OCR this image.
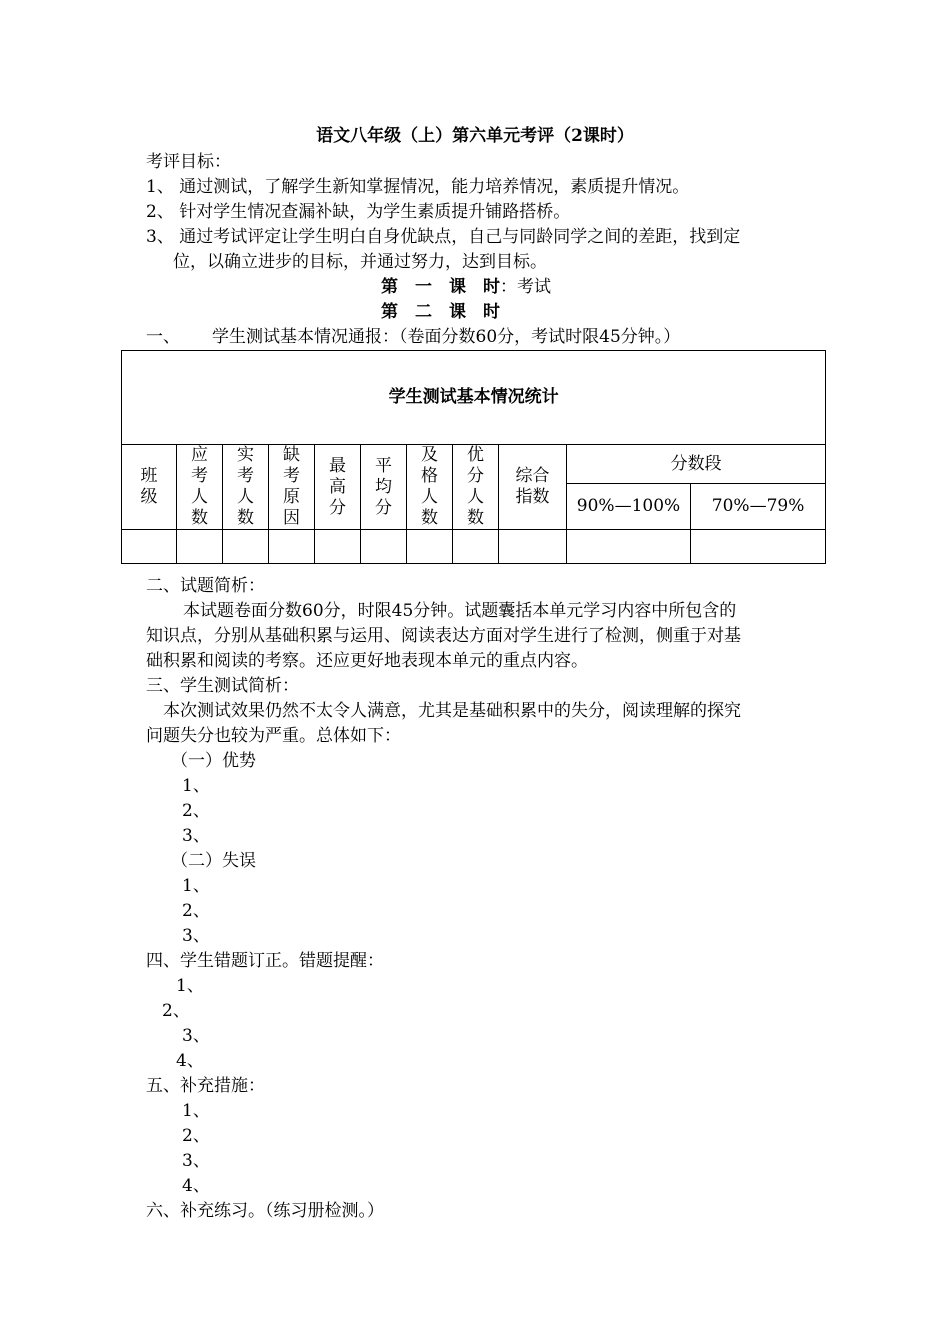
语文八年级（上）第六单元考评（2课时）
考评目标：
1、 通过测试，了解学生新知掌握情况，能力培养情况，素质提升情况。
2、 针对学生情况查漏补缺，为学生素质提升铺路搭桥。
3、 通过考试评定让学生明白自身优缺点，自己与同龄同学之间的差距，找到定
位，以确立进步的目标，并通过努力，达到目标。
第　一　课　时：考试
第　二　课　时
一、 学生测试基本情况通报：（卷面分数60分，考试时限45分钟。）
学生测试基本情况统计										

班级	应考人数	实考人数	缺考原因	最高分	平均分	及格人数	优分人数	综合指数	分数段	
									90%—100%	70%—79%

二、试题简析：
本试题卷面分数60分，时限45分钟。试题囊括本单元学习内容中所包含的
知识点，分别从基础积累与运用、阅读表达方面对学生进行了检测，侧重于对基
础积累和阅读的考察。还应更好地表现本单元的重点内容。
三、学生测试简析：
本次测试效果仍然不太令人满意，尤其是基础积累中的失分，阅读理解的探究
问题失分也较为严重。总体如下：
（一）优势
1、
2、
3、
（二）失误
1、
2、
3、
四、学生错题订正。错题提醒：
1、
2、
3、
4、
五、补充措施：
1、
2、
3、
4、
六、补充练习。（练习册检测。）
